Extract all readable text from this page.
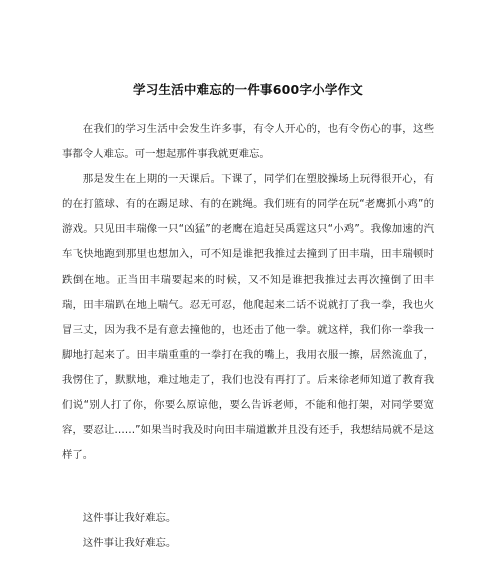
学习生活中难忘的一件事600字小学作文

在我们的学习生活中会发生许多事，有令人开心的，也有令伤心的事，这些事都令人难忘。可一想起那件事我就更难忘。

那是发生在上期的一天课后。下课了，同学们在塑胶操场上玩得很开心，有的在打篮球、有的在踢足球、有的在跳绳。我们班有的同学在玩“老鹰抓小鸡”的游戏。只见田丰瑞像一只“凶猛”的老鹰在追赶吴禹霆这只“小鸡”。我像加速的汽车飞快地跑到那里也想加入，可不知是谁把我推过去撞到了田丰瑞，田丰瑞顿时跌倒在地。正当田丰瑞要起来的时候，又不知是谁把我推过去再次撞倒了田丰瑞，田丰瑞趴在地上喘气。忍无可忍，他爬起来二话不说就打了我一拳，我也火冒三丈，因为我不是有意去撞他的，也还击了他一拳。就这样，我们你一拳我一脚地打起来了。田丰瑞重重的一拳打在我的嘴上，我用衣服一擦，居然流血了，我愣住了，默默地，难过地走了，我们也没有再打了。后来徐老师知道了教育我们说“别人打了你，你要么原谅他，要么告诉老师，不能和他打架，对同学要宽容，要忍让……”如果当时我及时向田丰瑞道歉并且没有还手，我想结局就不是这样了。

这件事让我好难忘。

这件事让我好难忘。
